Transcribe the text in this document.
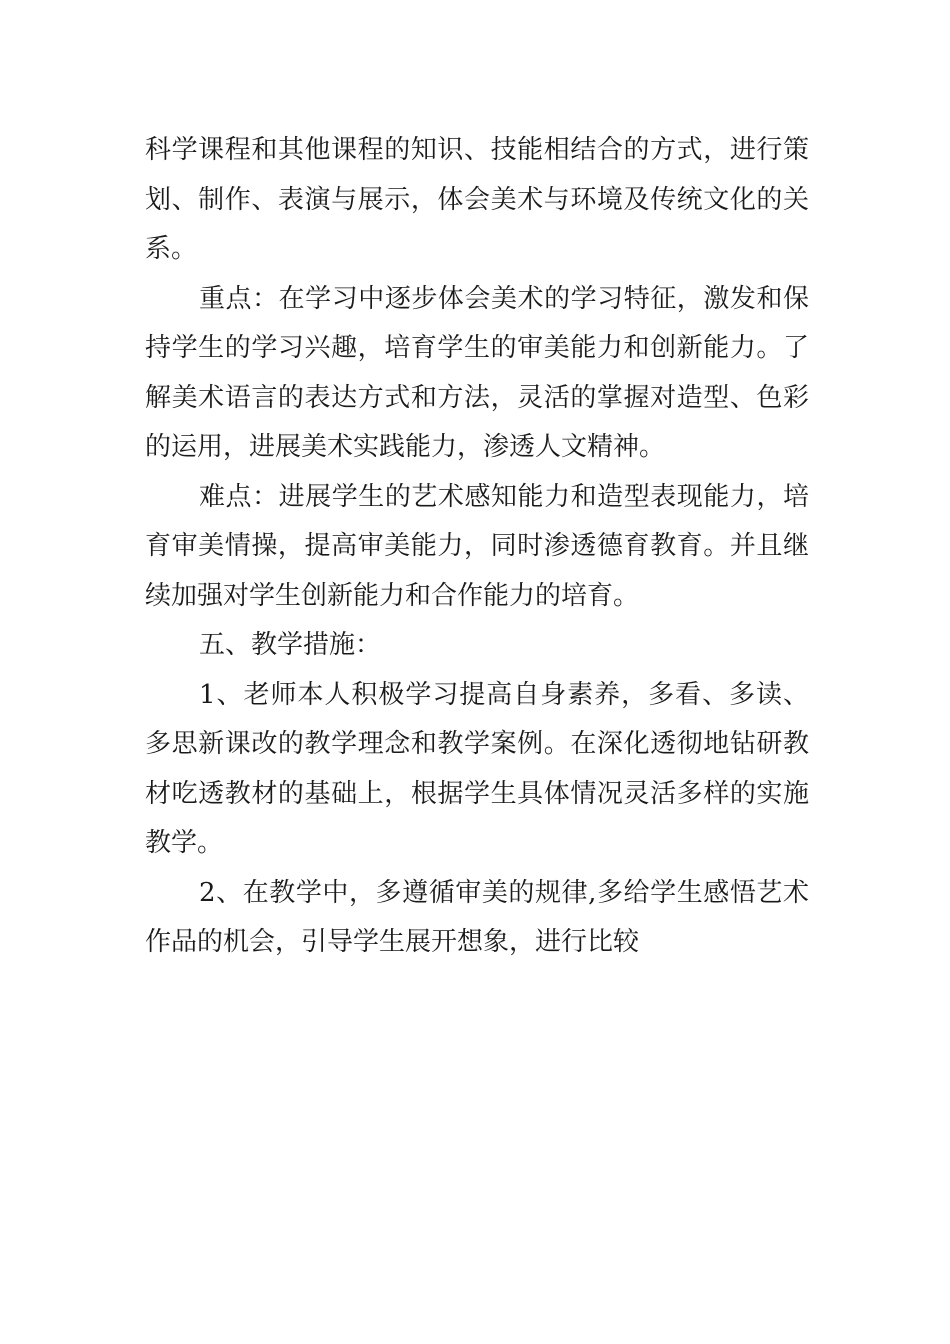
科学课程和其他课程的知识、技能相结合的方式，进行策划、制作、表演与展示，体会美术与环境及传统文化的关系。

重点：在学习中逐步体会美术的学习特征，激发和保持学生的学习兴趣，培育学生的审美能力和创新能力。了解美术语言的表达方式和方法，灵活的掌握对造型、色彩的运用，进展美术实践能力，渗透人文精神。

难点：进展学生的艺术感知能力和造型表现能力，培育审美情操，提高审美能力，同时渗透德育教育。并且继续加强对学生创新能力和合作能力的培育。

五、教学措施：

1、老师本人积极学习提高自身素养，多看、多读、多思新课改的教学理念和教学案例。在深化透彻地钻研教材吃透教材的基础上，根据学生具体情况灵活多样的实施教学。

2、在教学中，多遵循审美的规律,多给学生感悟艺术作品的机会，引导学生展开想象，进行比较
